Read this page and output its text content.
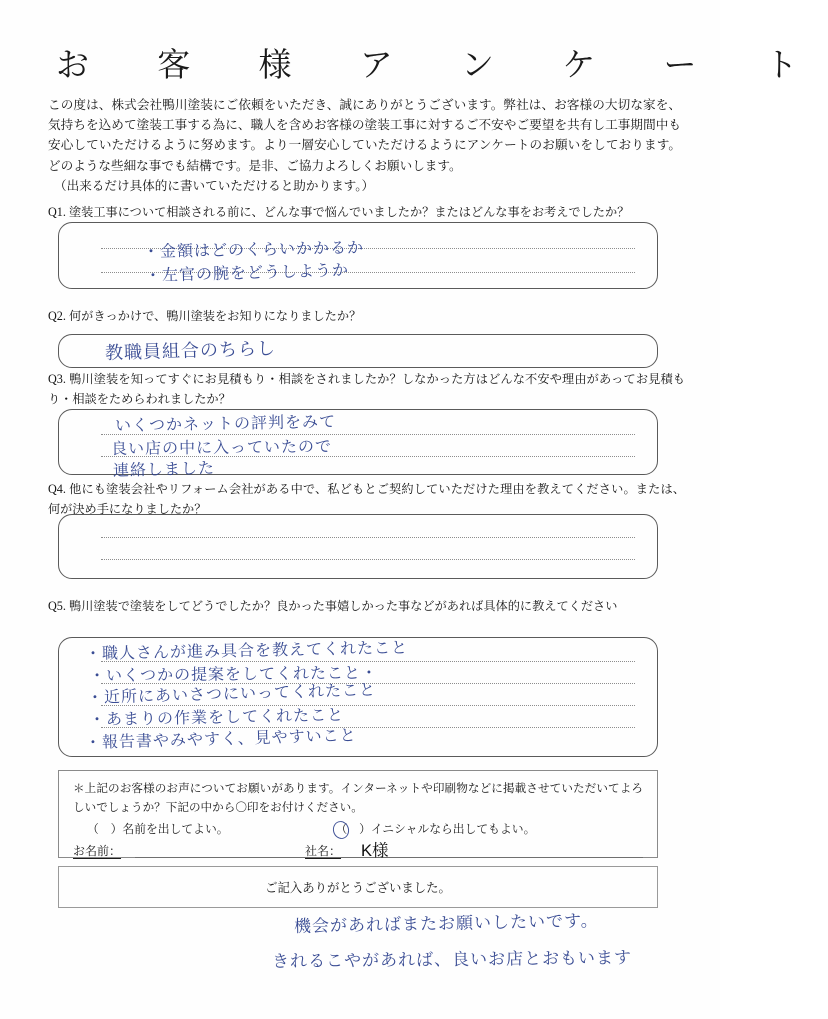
お 客 様 ア ン ケ ー ト
この度は、株式会社鴨川塗装にご依頼をいただき、誠にありがとうございます。弊社は、お客様の大切な家を、気持ちを込めて塗装工事する為に、職人を含めお客様の塗装工事に対するご不安やご要望を共有し工事期間中も安心していただけるように努めます。より一層安心していただけるようにアンケートのお願いをしております。どのような些細な事でも結構です。是非、ご協力よろしくお願いします。
（出来るだけ具体的に書いていただけると助かります。）
Q1. 塗装工事について相談される前に、どんな事で悩んでいましたか？またはどんな事をお考えでしたか？
・金額はどのくらいかかるか
・左官の腕をどうしようか
Q2. 何がきっかけで、鴨川塗装をお知りになりましたか？
教職員組合のちらし
Q3. 鴨川塗装を知ってすぐにお見積もり・相談をされましたか？しなかった方はどんな不安や理由があってお見積もり・相談をためらわれましたか？
いくつかネットの評判をみて
良い店の中に入っていたので
連絡しました
Q4. 他にも塗装会社やリフォーム会社がある中で、私どもとご契約していただけた理由を教えてください。または、何が決め手になりましたか？
Q5. 鴨川塗装で塗装をしてどうでしたか？良かった事嬉しかった事などがあれば具体的に教えてください
・職人さんが進み具合を教えてくれたこと
・いくつかの提案をしてくれたこと・
・近所にあいさつにいってくれたこと
・あまりの作業をしてくれたこと
・報告書やみやすく、見やすいこと
＊上記のお客様のお声についてお願いがあります。インターネットや印刷物などに掲載させていただいてよろしいでしょうか？下記の中から〇印をお付けください。
（　）名前を出してよい。	（　）イニシャルなら出してもよい。
お名前：	社名： K様
ご記入ありがとうございました。
機会があればまたお願いしたいです。
きれるこやがあれば、良いお店とおもいます
